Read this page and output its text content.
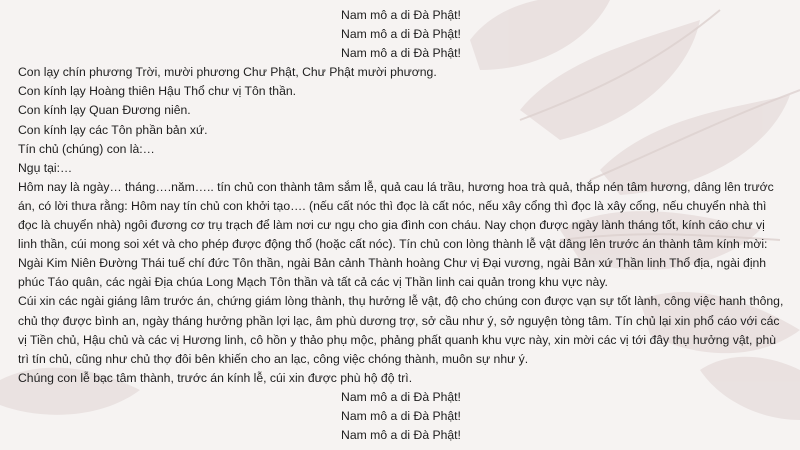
Nam mô a di Đà Phật!

Nam mô a di Đà Phật!

Nam mô a di Đà Phật!

Con lạy chín phương Trời, mười phương Chư Phật, Chư Phật mười phương.

Con kính lạy Hoàng thiên Hậu Thổ chư vị Tôn thần.

Con kính lạy Quan Đương niên.

Con kính lạy các Tôn phần bản xứ.

Tín chủ (chúng) con là:…

Ngụ tại:…

Hôm nay là ngày… tháng….năm….. tín chủ con thành tâm sắm lễ, quả cau lá trầu, hương hoa trà quả, thắp nén tâm hương, dâng lên trước án, có lời thưa rằng: Hôm nay tín chủ con khởi tạo…. (nếu cất nóc thì đọc là cất nóc, nếu xây cổng thì đọc là xây cổng, nếu chuyển nhà thì đọc là chuyển nhà) ngôi đương cơ trụ trạch để làm nơi cư ngụ cho gia đình con cháu. Nay chọn được ngày lành tháng tốt, kính cáo chư vị linh thần, cúi mong soi xét và cho phép được động thổ (hoặc cất nóc). Tín chủ con lòng thành lễ vật dâng lên trước án thành tâm kính mời: Ngài Kim Niên Đường Thái tuế chí đức Tôn thần, ngài Bản cảnh Thành hoàng Chư vị Đại vương, ngài Bản xứ Thần linh Thổ địa, ngài định phúc Táo quân, các ngài Địa chúa Long Mạch Tôn thần và tất cả các vị Thần linh cai quản trong khu vực này.

Cúi xin các ngài giáng lâm trước án, chứng giám lòng thành, thụ hưởng lễ vật, độ cho chúng con được vạn sự tốt lành, công việc hanh thông, chủ thợ được bình an, ngày tháng hưởng phần lợi lạc, âm phù dương trợ, sở cầu như ý, sở nguyện tòng tâm. Tín chủ lại xin phổ cáo với các vị Tiền chủ, Hậu chủ và các vị Hương linh, cô hồn y thảo phụ mộc, phảng phất quanh khu vực này, xin mời các vị tới đây thụ hưởng vật, phù trì tín chủ, cũng như chủ thợ đôi bên khiến cho an lạc, công việc chóng thành, muôn sự như ý.

Chúng con lễ bạc tâm thành, trước án kính lễ, cúi xin được phù hộ độ trì.

Nam mô a di Đà Phật!

Nam mô a di Đà Phật!

Nam mô a di Đà Phật!
